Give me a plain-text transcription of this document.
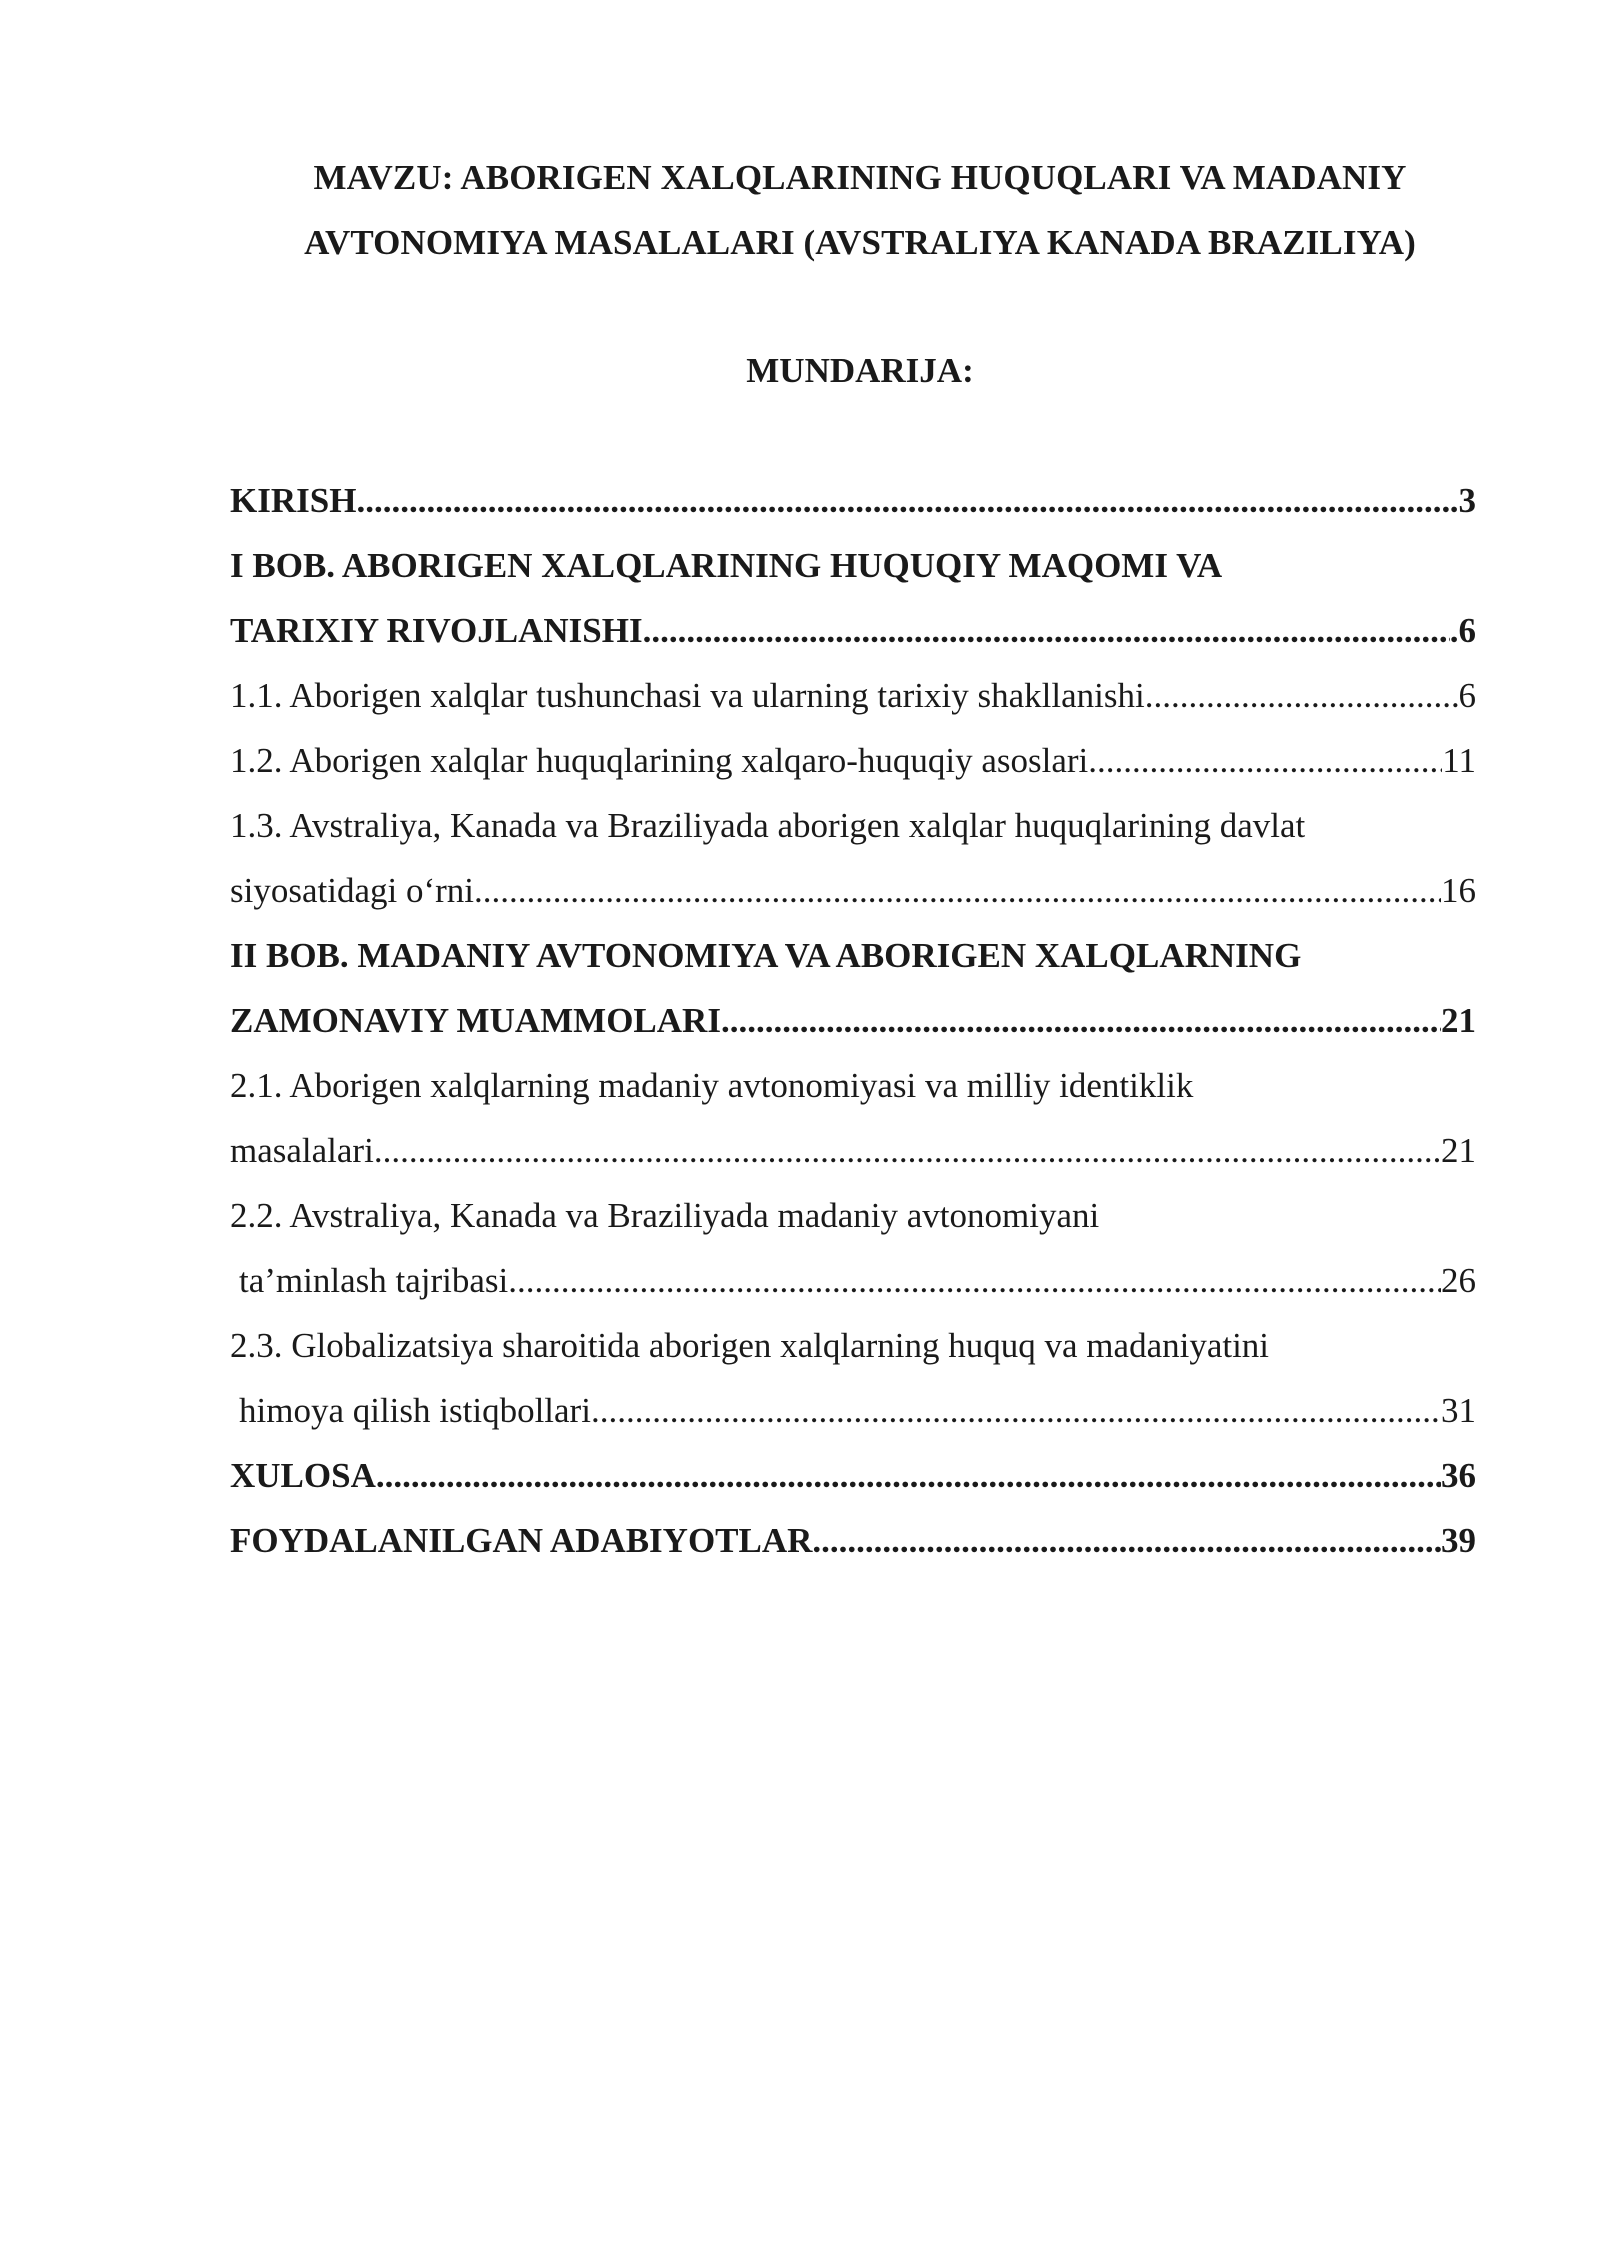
MAVZU: ABORIGEN XALQLARINING HUQUQLARI VA MADANIY
AVTONOMIYA MASALALARI (AVSTRALIYA KANADA BRAZILIYA)
MUNDARIJA:
KIRISH .....	.3
I BOB. ABORIGEN XALQLARINING HUQUQIY MAQOMI VA
TARIXIY RIVOJLANISHI .....	.6
1.1. Aborigen xalqlar tushunchasi va ularning tarixiy shakllanishi .....	6
1.2. Aborigen xalqlar huquqlarining xalqaro-huquqiy asoslari .....	11
1.3. Avstraliya, Kanada va Braziliyada aborigen xalqlar huquqlarining davlat
siyosatidagi o‘rni .....	16
II BOB. MADANIY AVTONOMIYA VA ABORIGEN XALQLARNING
ZAMONAVIY MUAMMOLARI .....	21
2.1. Aborigen xalqlarning madaniy avtonomiyasi va milliy identiklik
masalalari .....	21
2.2. Avstraliya, Kanada va Braziliyada madaniy avtonomiyani
ta’minlash tajribasi .....	26
2.3. Globalizatsiya sharoitida aborigen xalqlarning huquq va madaniyatini
himoya qilish istiqbollari .....	31
XULOSA .....	36
FOYDALANILGAN ADABIYOTLAR .....	39
